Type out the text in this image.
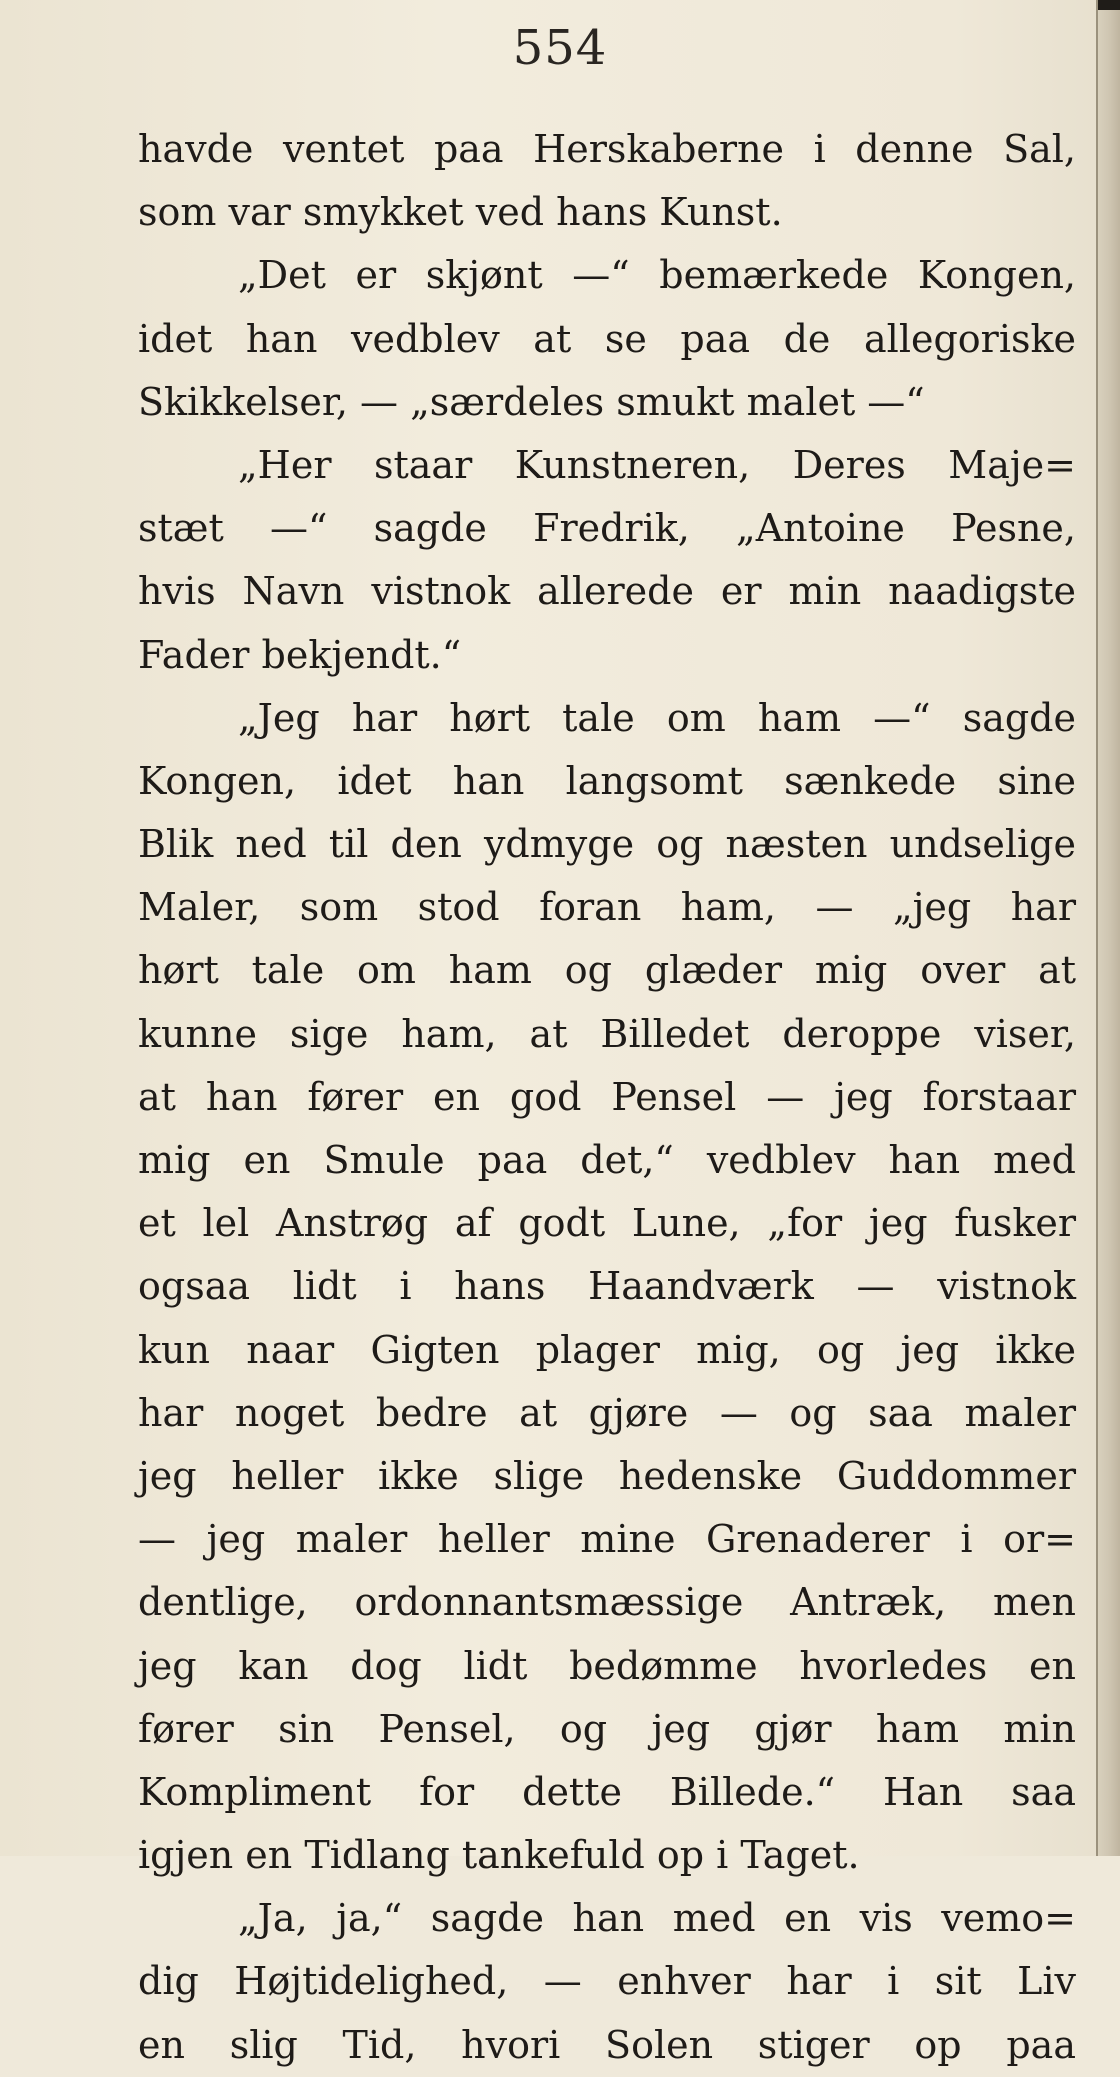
554
havde ventet paa Herskaberne i denne Sal,
som var smykket ved hans Kunst.
„Det er skjønt —“ bemærkede Kongen,
idet han vedblev at se paa de allegoriske
Skikkelser, — „særdeles smukt malet —“
„Her staar Kunstneren, Deres Maje=
stæt —“ sagde Fredrik, „Antoine Pesne,
hvis Navn vistnok allerede er min naadigste
Fader bekjendt.“
„Jeg har hørt tale om ham —“ sagde
Kongen, idet han langsomt sænkede sine
Blik ned til den ydmyge og næsten undselige
Maler, som stod foran ham, — „jeg har
hørt tale om ham og glæder mig over at
kunne sige ham, at Billedet deroppe viser,
at han fører en god Pensel — jeg forstaar
mig en Smule paa det,“ vedblev han med
et lel Anstrøg af godt Lune, „for jeg fusker
ogsaa lidt i hans Haandværk — vistnok
kun naar Gigten plager mig, og jeg ikke
har noget bedre at gjøre — og saa maler
jeg heller ikke slige hedenske Guddommer
— jeg maler heller mine Grenaderer i or=
dentlige, ordonnantsmæssige Antræk, men
jeg kan dog lidt bedømme hvorledes en
fører sin Pensel, og jeg gjør ham min
Kompliment for dette Billede.“ Han saa
igjen en Tidlang tankefuld op i Taget.
„Ja, ja,“ sagde han med en vis vemo=
dig Højtidelighed, — enhver har i sit Liv
en slig Tid, hvori Solen stiger op paa
